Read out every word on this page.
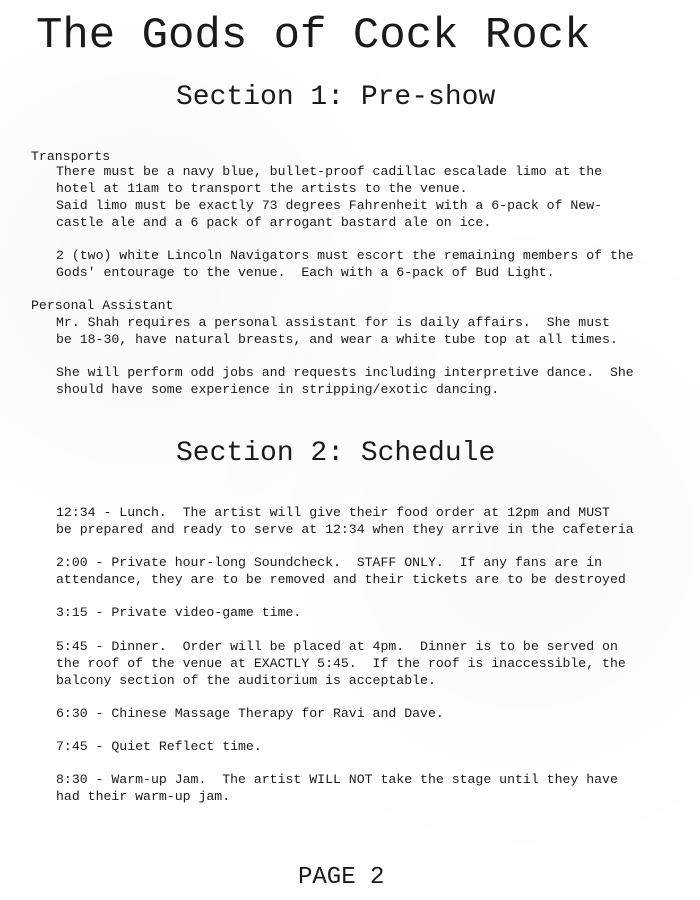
The Gods of Cock Rock
Section 1: Pre-show
Transports
There must be a navy blue, bullet-proof cadillac escalade limo at the
hotel at 11am to transport the artists to the venue.
Said limo must be exactly 73 degrees Fahrenheit with a 6-pack of New-
castle ale and a 6 pack of arrogant bastard ale on ice.
2 (two) white Lincoln Navigators must escort the remaining members of the
Gods' entourage to the venue.  Each with a 6-pack of Bud Light.
Personal Assistant
Mr. Shah requires a personal assistant for is daily affairs.  She must
be 18-30, have natural breasts, and wear a white tube top at all times.
She will perform odd jobs and requests including interpretive dance.  She
should have some experience in stripping/exotic dancing.
Section 2: Schedule
12:34 - Lunch.  The artist will give their food order at 12pm and MUST
be prepared and ready to serve at 12:34 when they arrive in the cafeteria
2:00 - Private hour-long Soundcheck.  STAFF ONLY.  If any fans are in
attendance, they are to be removed and their tickets are to be destroyed
3:15 - Private video-game time.
5:45 - Dinner.  Order will be placed at 4pm.  Dinner is to be served on
the roof of the venue at EXACTLY 5:45.  If the roof is inaccessible, the
balcony section of the auditorium is acceptable.
6:30 - Chinese Massage Therapy for Ravi and Dave.
7:45 - Quiet Reflect time.
8:30 - Warm-up Jam.  The artist WILL NOT take the stage until they have
had their warm-up jam.
PAGE 2
